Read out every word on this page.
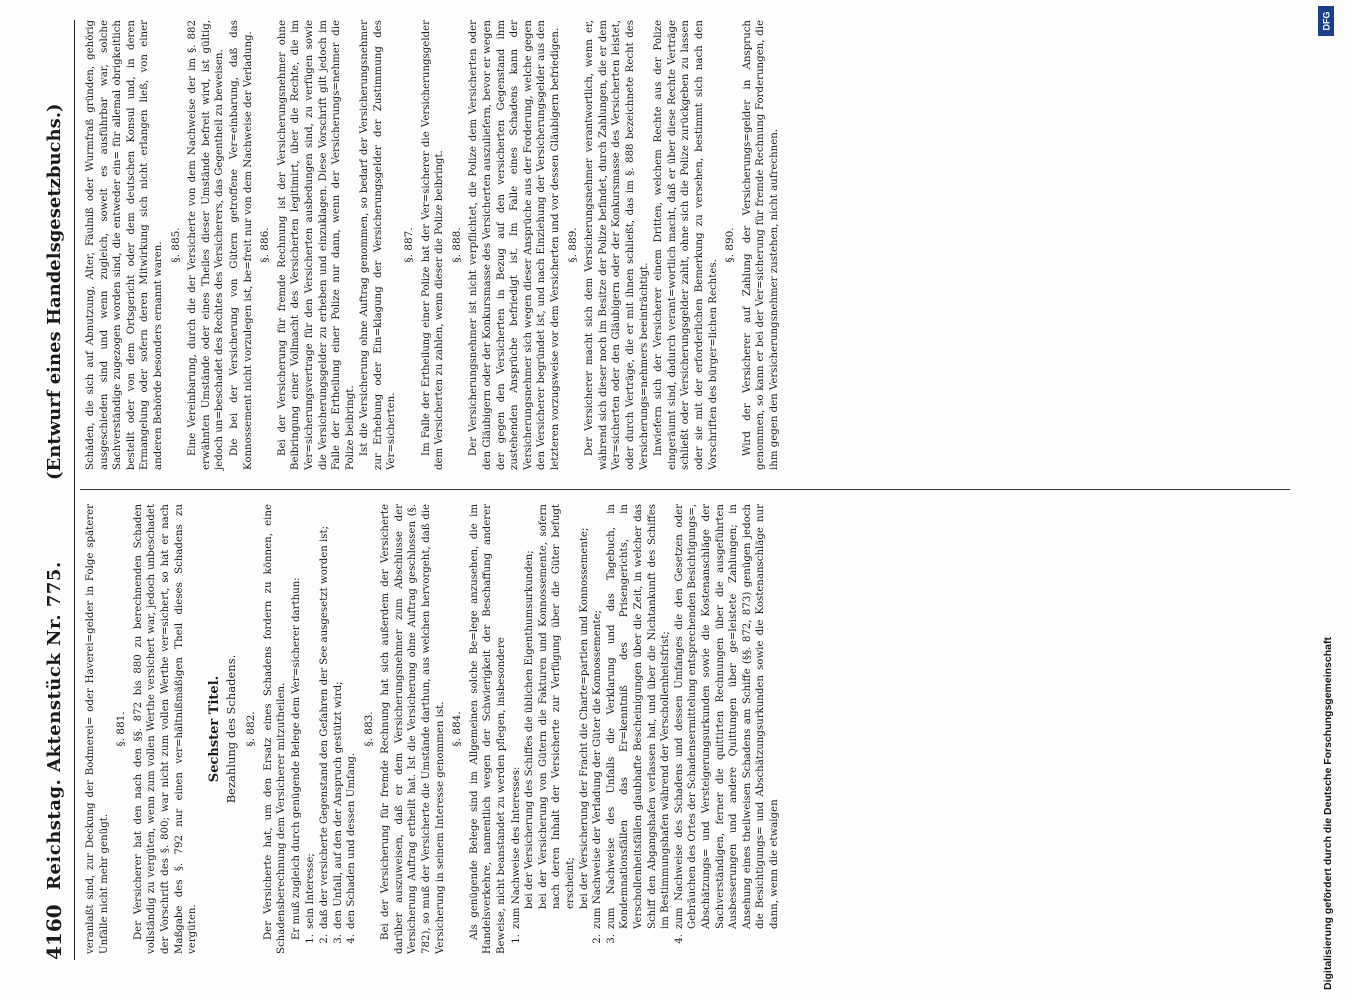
4160
Reichstag. Aktenstück Nr. 775.
(Entwurf eines Handelsgesetzbuchs.)

veranlaßt sind, zur Deckung der Bodmerei= oder Haverei=gelder in Folge späterer Unfälle nicht mehr genügt.

§. 881. Der Versicherer hat den nach den §§. 872 bis 880 zu berechnenden Schaden vollständig zu vergüten, wenn zum vollen Werthe versichert war, jedoch unbeschadet der Vorschrift des §. 800; war nicht zum vollen Werthe ver=sichert, so hat er nach Maßgabe des §. 792 nur einen ver=hältnißmäßigen Theil dieses Schadens zu vergüten.

Sechster Titel. Bezahlung des Schadens. §. 882. Der Versicherte hat, um den Ersatz eines Schadens fordern zu können, eine Schadensberechnung dem Versicherer mitzutheilen. Er muß zugleich durch genügende Belege dem Ver=sicherer darthun: 1.
sein Interesse;
2.
daß der versicherte Gegenstand den Gefahren der See ausgesetzt worden ist;
3.
den Unfall, auf den der Anspruch gestützt wird;
4.
den Schaden und dessen Umfang.
§. 883. Bei der Versicherung für fremde Rechnung hat sich außerdem der Versicherte darüber auszuweisen, daß er dem Versicherungsnehmer zum Abschlusse der Versicherung Auftrag ertheilt hat. Ist die Versicherung ohne Auftrag geschlossen (§. 782), so muß der Versicherte die Umstände darthun, aus welchen hervorgeht, daß die Versicherung in seinem Interesse genommen ist. §. 884. Als genügende Belege sind im Allgemeinen solche Be=lege anzusehen, die im Handelsverkehre, namentlich wegen der Schwierigkeit der Beschaffung anderer Beweise, nicht beanstandet zu werden pflegen, insbesondere 1.
zum Nachweise des Interesses: bei der Versicherung des Schiffes die üblichen Eigenthumsurkunden; bei der Versicherung von Gütern die Fakturen und Konnossemente, sofern nach deren Inhalt der Versicherte zur Verfügung über die Güter befugt erscheint; bei der Versicherung der Fracht die Charte=partien und Konnossemente;
2.
zum Nachweise der Verladung der Güter die Konnossemente;
3.
zum Nachweise des Unfalls die Verklarung und das Tagebuch, in Kondemnationsfällen das Er=kenntniß des Prisengerichts, in Verschollenheitsfällen glaubhafte Bescheinigungen über die Zeit, in welcher das Schiff den Abgangshafen verlassen hat, und über die Nichtankunft des Schiffes im Bestimmungshafen während der Verschollenheitsfrist;
4.
zum Nachweise des Schadens und dessen Umfanges die den Gesetzen oder Gebräuchen des Ortes der Schadensermittelung entsprechenden Besichtigungs=, Abschätzungs= und Versteigerungsurkunden sowie die Kostenanschläge der Sachverständigen, ferner die quittirten Rechnungen über die ausgeführten Ausbesserungen und andere Quittungen über ge=leistete Zahlungen; in Ansehung eines theilweisen Schadens am Schiffe (§§. 872, 873) genügen jedoch die Besichtigungs= und Abschätzungsurkunden sowie die Kostenanschläge nur dann, wenn die etwaigen

Schäden, die sich auf Abnutzung, Alter, Fäulniß oder Wurmfraß gründen, gehörig ausgeschieden sind und wenn zugleich, soweit es ausführbar war, solche Sachverständige zugezogen worden sind, die entweder ein= für allemal obrigkeitlich bestellt oder von dem Ortsgericht oder dem deutschen Konsul und, in deren Ermangelung oder sofern deren Mitwirkung sich nicht erlangen ließ, von einer anderen Behörde besonders ernannt waren. §. 885. Eine Vereinbarung, durch die der Versicherte von dem Nachweise der im §. 882 erwähnten Umstände oder eines Theiles dieser Umstände befreit wird, ist gültig, jedoch un=beschadet des Rechtes des Versicherers, das Gegentheil zu beweisen. Die bei der Versicherung von Gütern getroffene Ver=einbarung, daß das Konnossement nicht vorzulegen ist, be=freit nur von dem Nachweise der Verladung. §. 886. Bei der Versicherung für fremde Rechnung ist der Versicherungsnehmer ohne Beibringung einer Vollmacht des Versicherten legitimirt, über die Rechte, die im Ver=sicherungsvertrage für den Versicherten ausbedungen sind, zu verfügen sowie die Versicherungsgelder zu erheben und einzuklagen. Diese Vorschrift gilt jedoch im Falle der Ertheilung einer Polize nur dann, wenn der Versicherungs=nehmer die Polize beibringt. Ist die Versicherung ohne Auftrag genommen, so bedarf der Versicherungsnehmer zur Erhebung oder Ein=klagung der Versicherungsgelder der Zustimmung des Ver=sicherten.

§. 887. Im Falle der Ertheilung einer Polize hat der Ver=sicherer die Versicherungsgelder dem Versicherten zu zahlen, wenn dieser die Polize beibringt. §. 888. Der Versicherungsnehmer ist nicht verpflichtet, die Polize dem Versicherten oder den Gläubigern oder der Konkursmasse des Versicherten auszuliefern, bevor er wegen der gegen den Versicherten in Bezug auf den versicherten Gegenstand ihm zustehenden Ansprüche befriedigt ist. Im Falle eines Schadens kann der Versicherungsnehmer sich wegen dieser Ansprüche aus der Forderung, welche gegen den Versicherer begründet ist, und nach Einziehung der Versicherungsgelder aus den letzteren vorzugsweise vor dem Versicherten und vor dessen Gläubigern befriedigen. §. 889. Der Versicherer macht sich dem Versicherungsnehmer verantwortlich, wenn er, während sich dieser noch im Besitze der Polize befindet, durch Zahlungen, die er dem Ver=sicherten oder den Gläubigern oder der Konkursmasse des Versicherten leistet, oder durch Verträge, die er mit ihnen schließt, das im §. 888 bezeichnete Recht des Versicherungs=nehmers beeinträchtigt. Inwiefern sich der Versicherer einem Dritten, welchem Rechte aus der Polize eingeräumt sind, dadurch verant=wortlich macht, daß er über diese Rechte Verträge schließt oder Versicherungsgelder zahlt, ohne sich die Polize zurückgeben zu lassen oder sie mit der erforderlichen Bemerkung zu versehen, bestimmt sich nach den Vorschriften des bürger=lichen Rechtes.

§. 890. Wird der Versicherer auf Zahlung der Versicherungs=gelder in Anspruch genommen, so kann er bei der Ver=sicherung für fremde Rechnung Forderungen, die ihm gegen den Versicherungsnehmer zustehen, nicht aufrechnen.

DFG
Digitalisierung gefördert durch die Deutsche Forschungsgemeinschaft
